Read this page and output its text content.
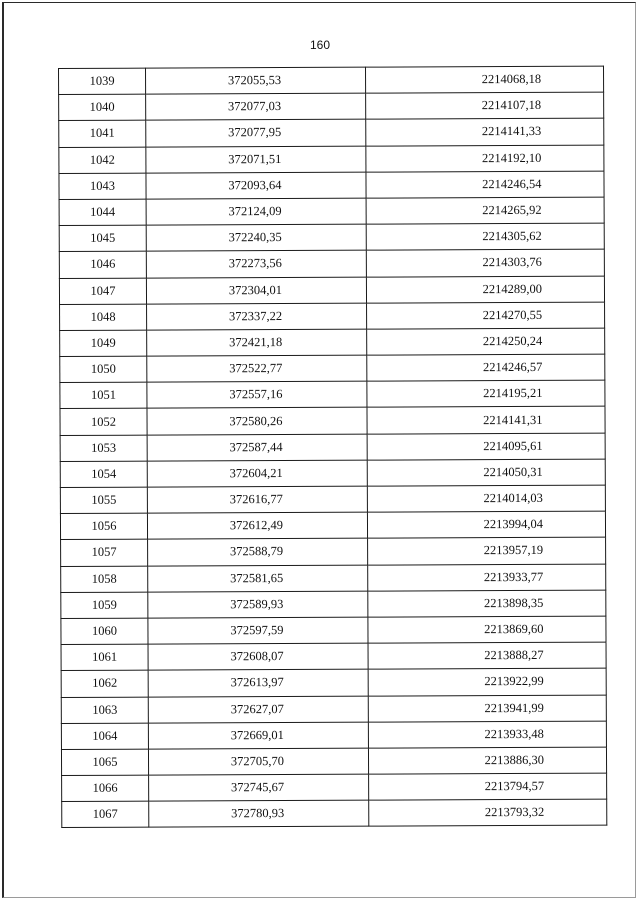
160
1039	372055,53	2214068,18
1040	372077,03	2214107,18
1041	372077,95	2214141,33
1042	372071,51	2214192,10
1043	372093,64	2214246,54
1044	372124,09	2214265,92
1045	372240,35	2214305,62
1046	372273,56	2214303,76
1047	372304,01	2214289,00
1048	372337,22	2214270,55
1049	372421,18	2214250,24
1050	372522,77	2214246,57
1051	372557,16	2214195,21
1052	372580,26	2214141,31
1053	372587,44	2214095,61
1054	372604,21	2214050,31
1055	372616,77	2214014,03
1056	372612,49	2213994,04
1057	372588,79	2213957,19
1058	372581,65	2213933,77
1059	372589,93	2213898,35
1060	372597,59	2213869,60
1061	372608,07	2213888,27
1062	372613,97	2213922,99
1063	372627,07	2213941,99
1064	372669,01	2213933,48
1065	372705,70	2213886,30
1066	372745,67	2213794,57
1067	372780,93	2213793,32
